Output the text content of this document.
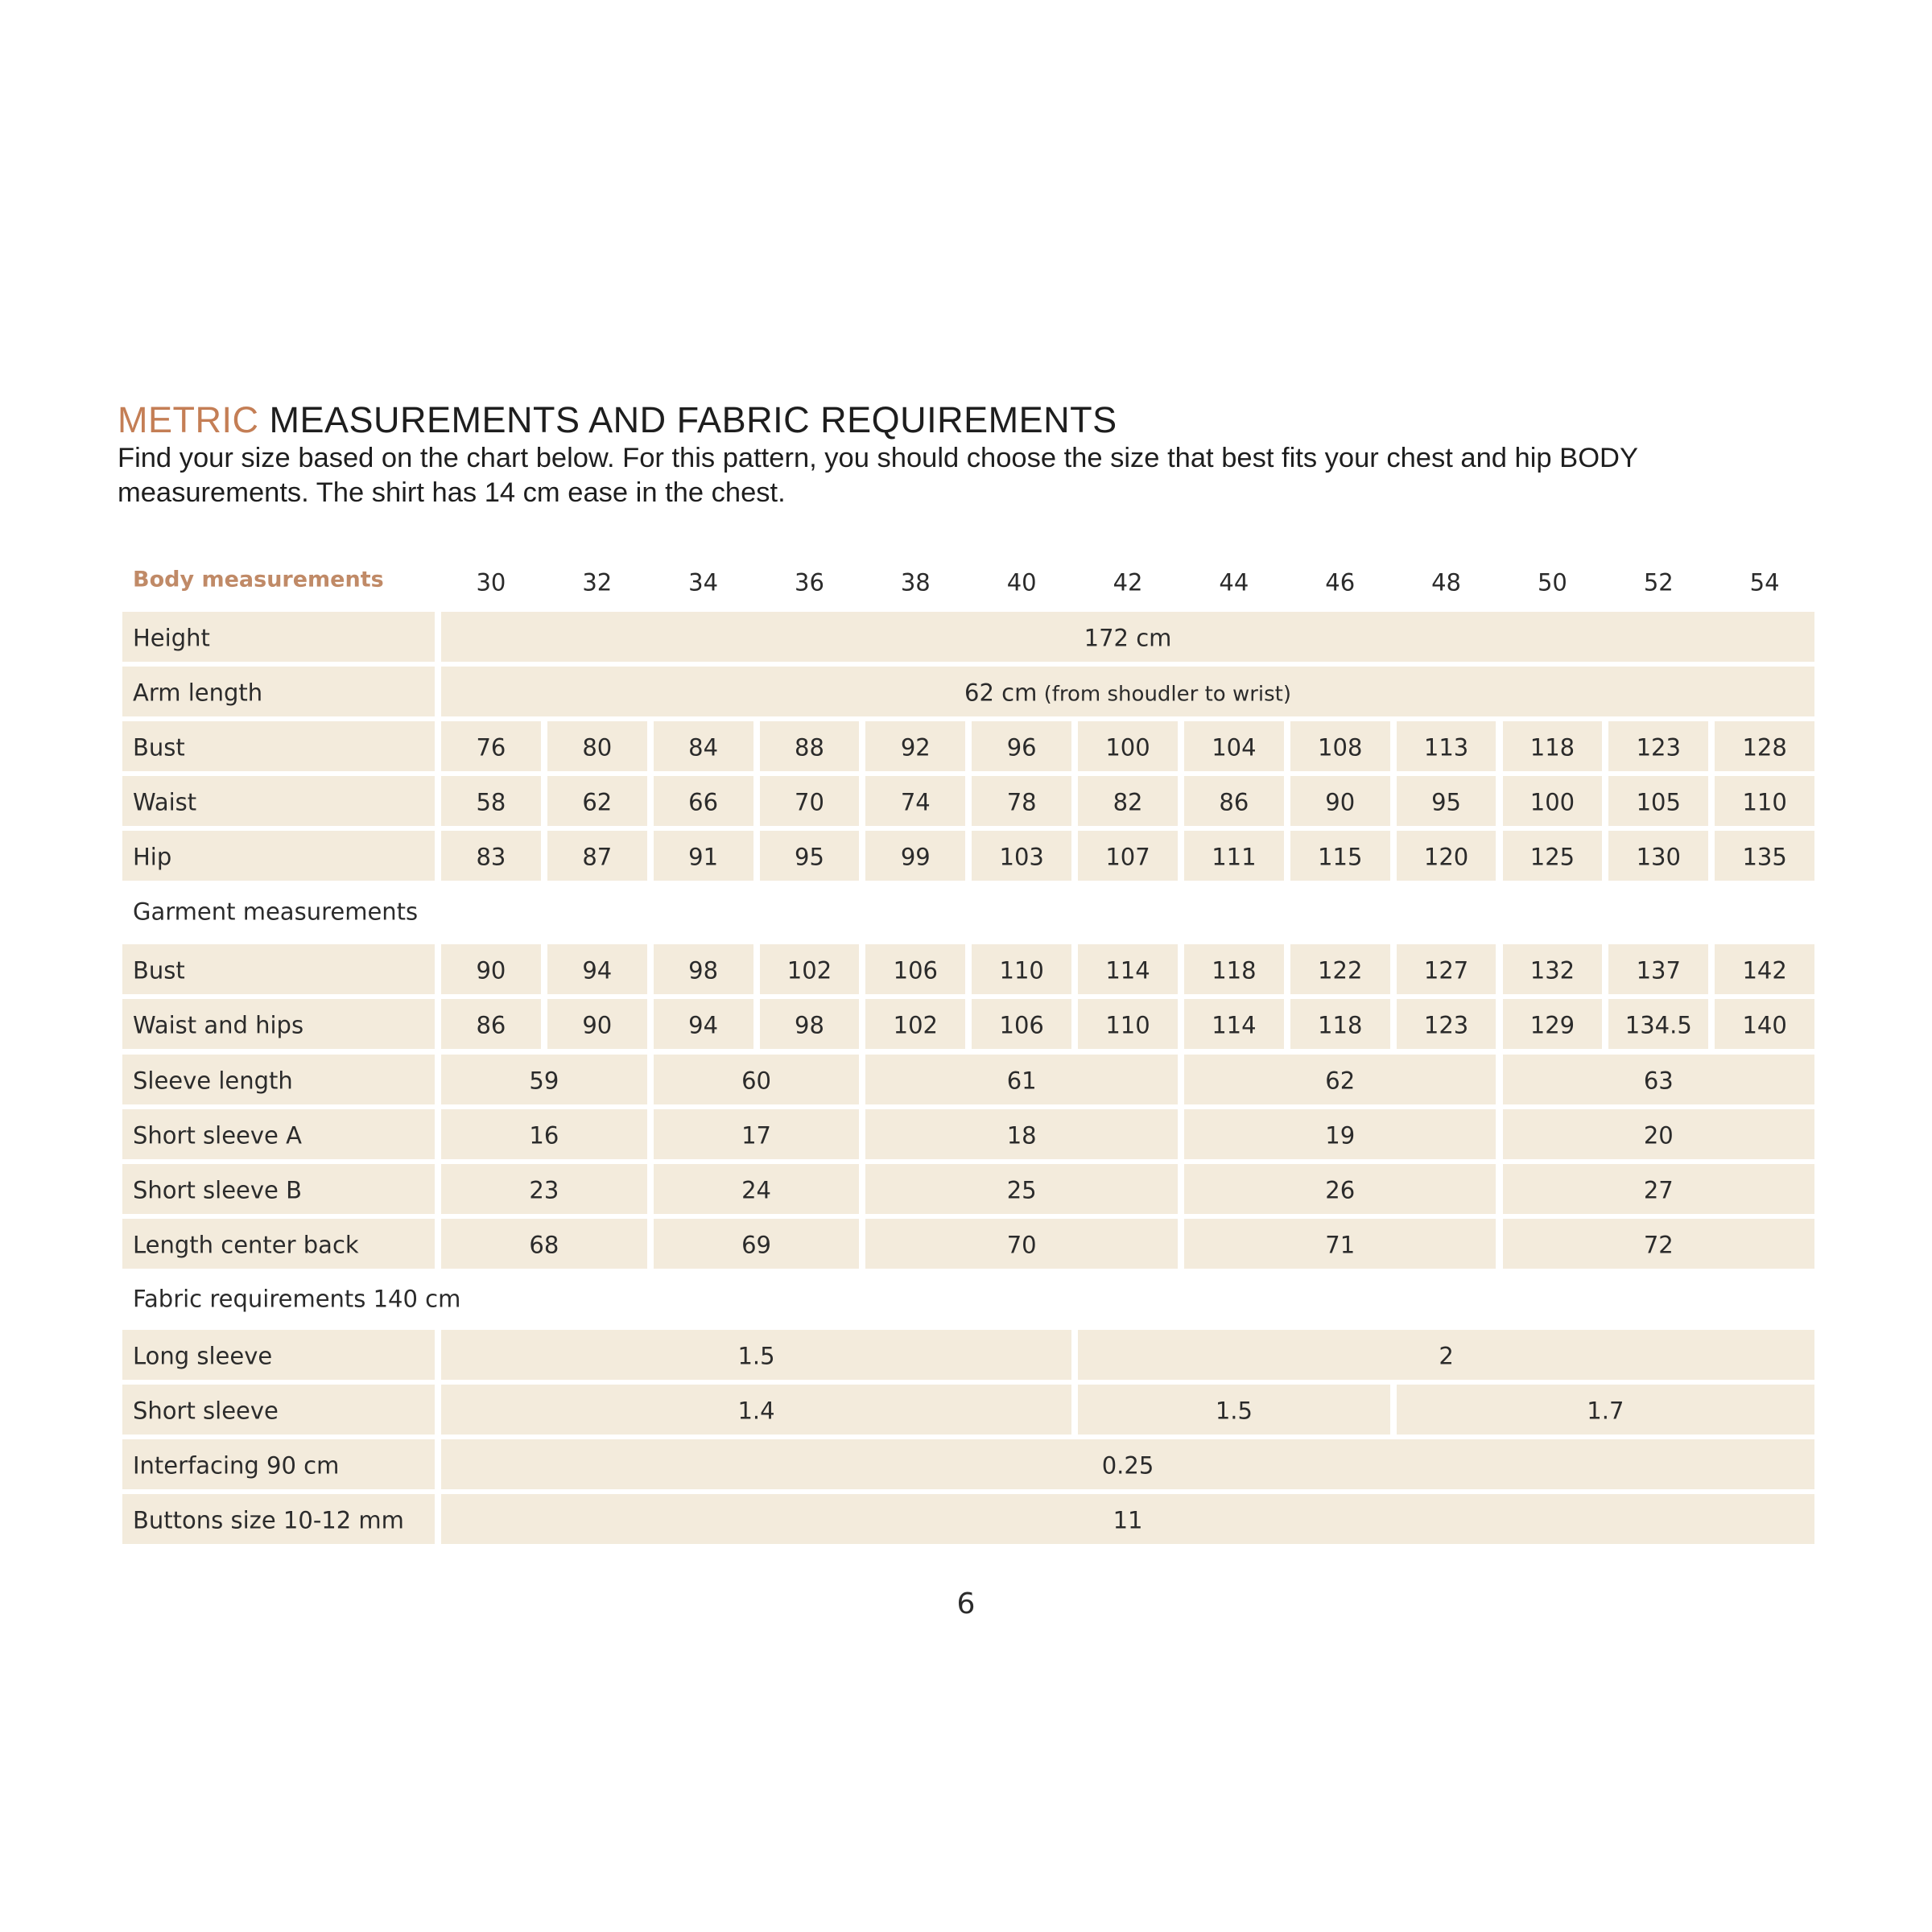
METRIC MEASUREMENTS AND FABRIC REQUIREMENTS

Find your size based on the chart below. For this pattern, you should choose the size that best fits your chest and hip BODY measurements. The shirt has 14 cm ease in the chest.

Body measurements	30	32	34	36	38	40	42	44	46	48	50	52	54
Height	172 cm
Arm length	62 cm (from shoudler to wrist)
Bust	76	80	84	88	92	96	100	104	108	113	118	123	128
Waist	58	62	66	70	74	78	82	86	90	95	100	105	110
Hip	83	87	91	95	99	103	107	111	115	120	125	130	135
Garment measurements
Bust	90	94	98	102	106	110	114	118	122	127	132	137	142
Waist and hips	86	90	94	98	102	106	110	114	118	123	129 134.5 140
Sleeve length	59	60	61	62	63
Short sleeve A	16	17	18	19	20
Short sleeve B	23	24	25	26	27
Length center back	68	69	70	71	72
Fabric requirements 140 cm
Long sleeve	1.5	2
Short sleeve	1.4	1.5	1.7
Interfacing 90 cm	0.25
Buttons size 10-12 mm	11
6
